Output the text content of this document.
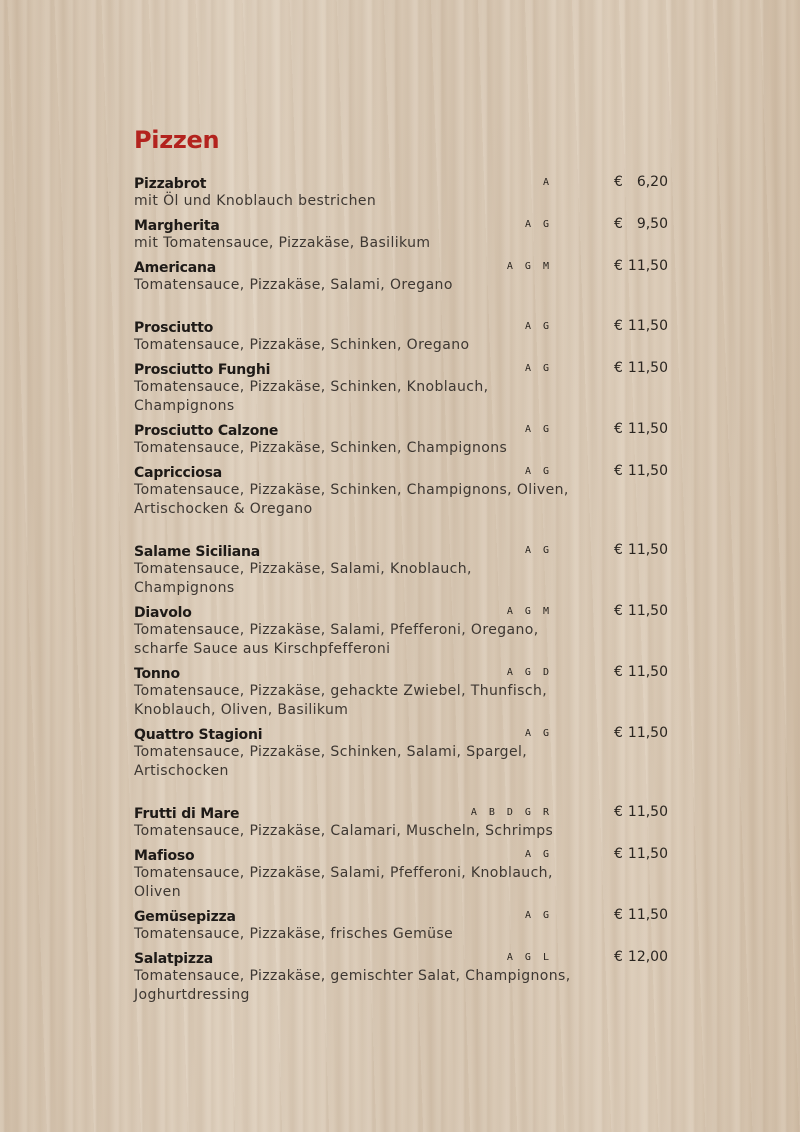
Pizzen
Pizzabrot	A	€ 6,20
mit Öl und Knoblauch bestrichen
Margherita	A G	€ 9,50
mit Tomatensauce, Pizzakäse, Basilikum
Americana	A G M	€ 11,50
Tomatensauce, Pizzakäse, Salami, Oregano
Prosciutto	A G	€ 11,50
Tomatensauce, Pizzakäse, Schinken, Oregano
Prosciutto Funghi	A G	€ 11,50
Tomatensauce, Pizzakäse, Schinken, Knoblauch, Champignons
Prosciutto Calzone	A G	€ 11,50
Tomatensauce, Pizzakäse, Schinken, Champignons
Capricciosa	A G	€ 11,50
Tomatensauce, Pizzakäse, Schinken, Champignons, Oliven, Artischocken & Oregano
Salame Siciliana	A G	€ 11,50
Tomatensauce, Pizzakäse, Salami, Knoblauch, Champignons
Diavolo	A G M	€ 11,50
Tomatensauce, Pizzakäse, Salami, Pfefferoni, Oregano, scharfe Sauce aus Kirschpfefferoni
Tonno	A G D	€ 11,50
Tomatensauce, Pizzakäse, gehackte Zwiebel, Thunfisch, Knoblauch, Oliven, Basilikum
Quattro Stagioni	A G	€ 11,50
Tomatensauce, Pizzakäse, Schinken, Salami, Spargel, Artischocken
Frutti di Mare	A B D G R	€ 11,50
Tomatensauce, Pizzakäse, Calamari, Muscheln, Schrimps
Mafioso	A G	€ 11,50
Tomatensauce, Pizzakäse, Salami, Pfefferoni, Knoblauch, Oliven
Gemüsepizza	A G	€ 11,50
Tomatensauce, Pizzakäse, frisches Gemüse
Salatpizza	A G L	€ 12,00
Tomatensauce, Pizzakäse, gemischter Salat, Champignons, Joghurtdressing
